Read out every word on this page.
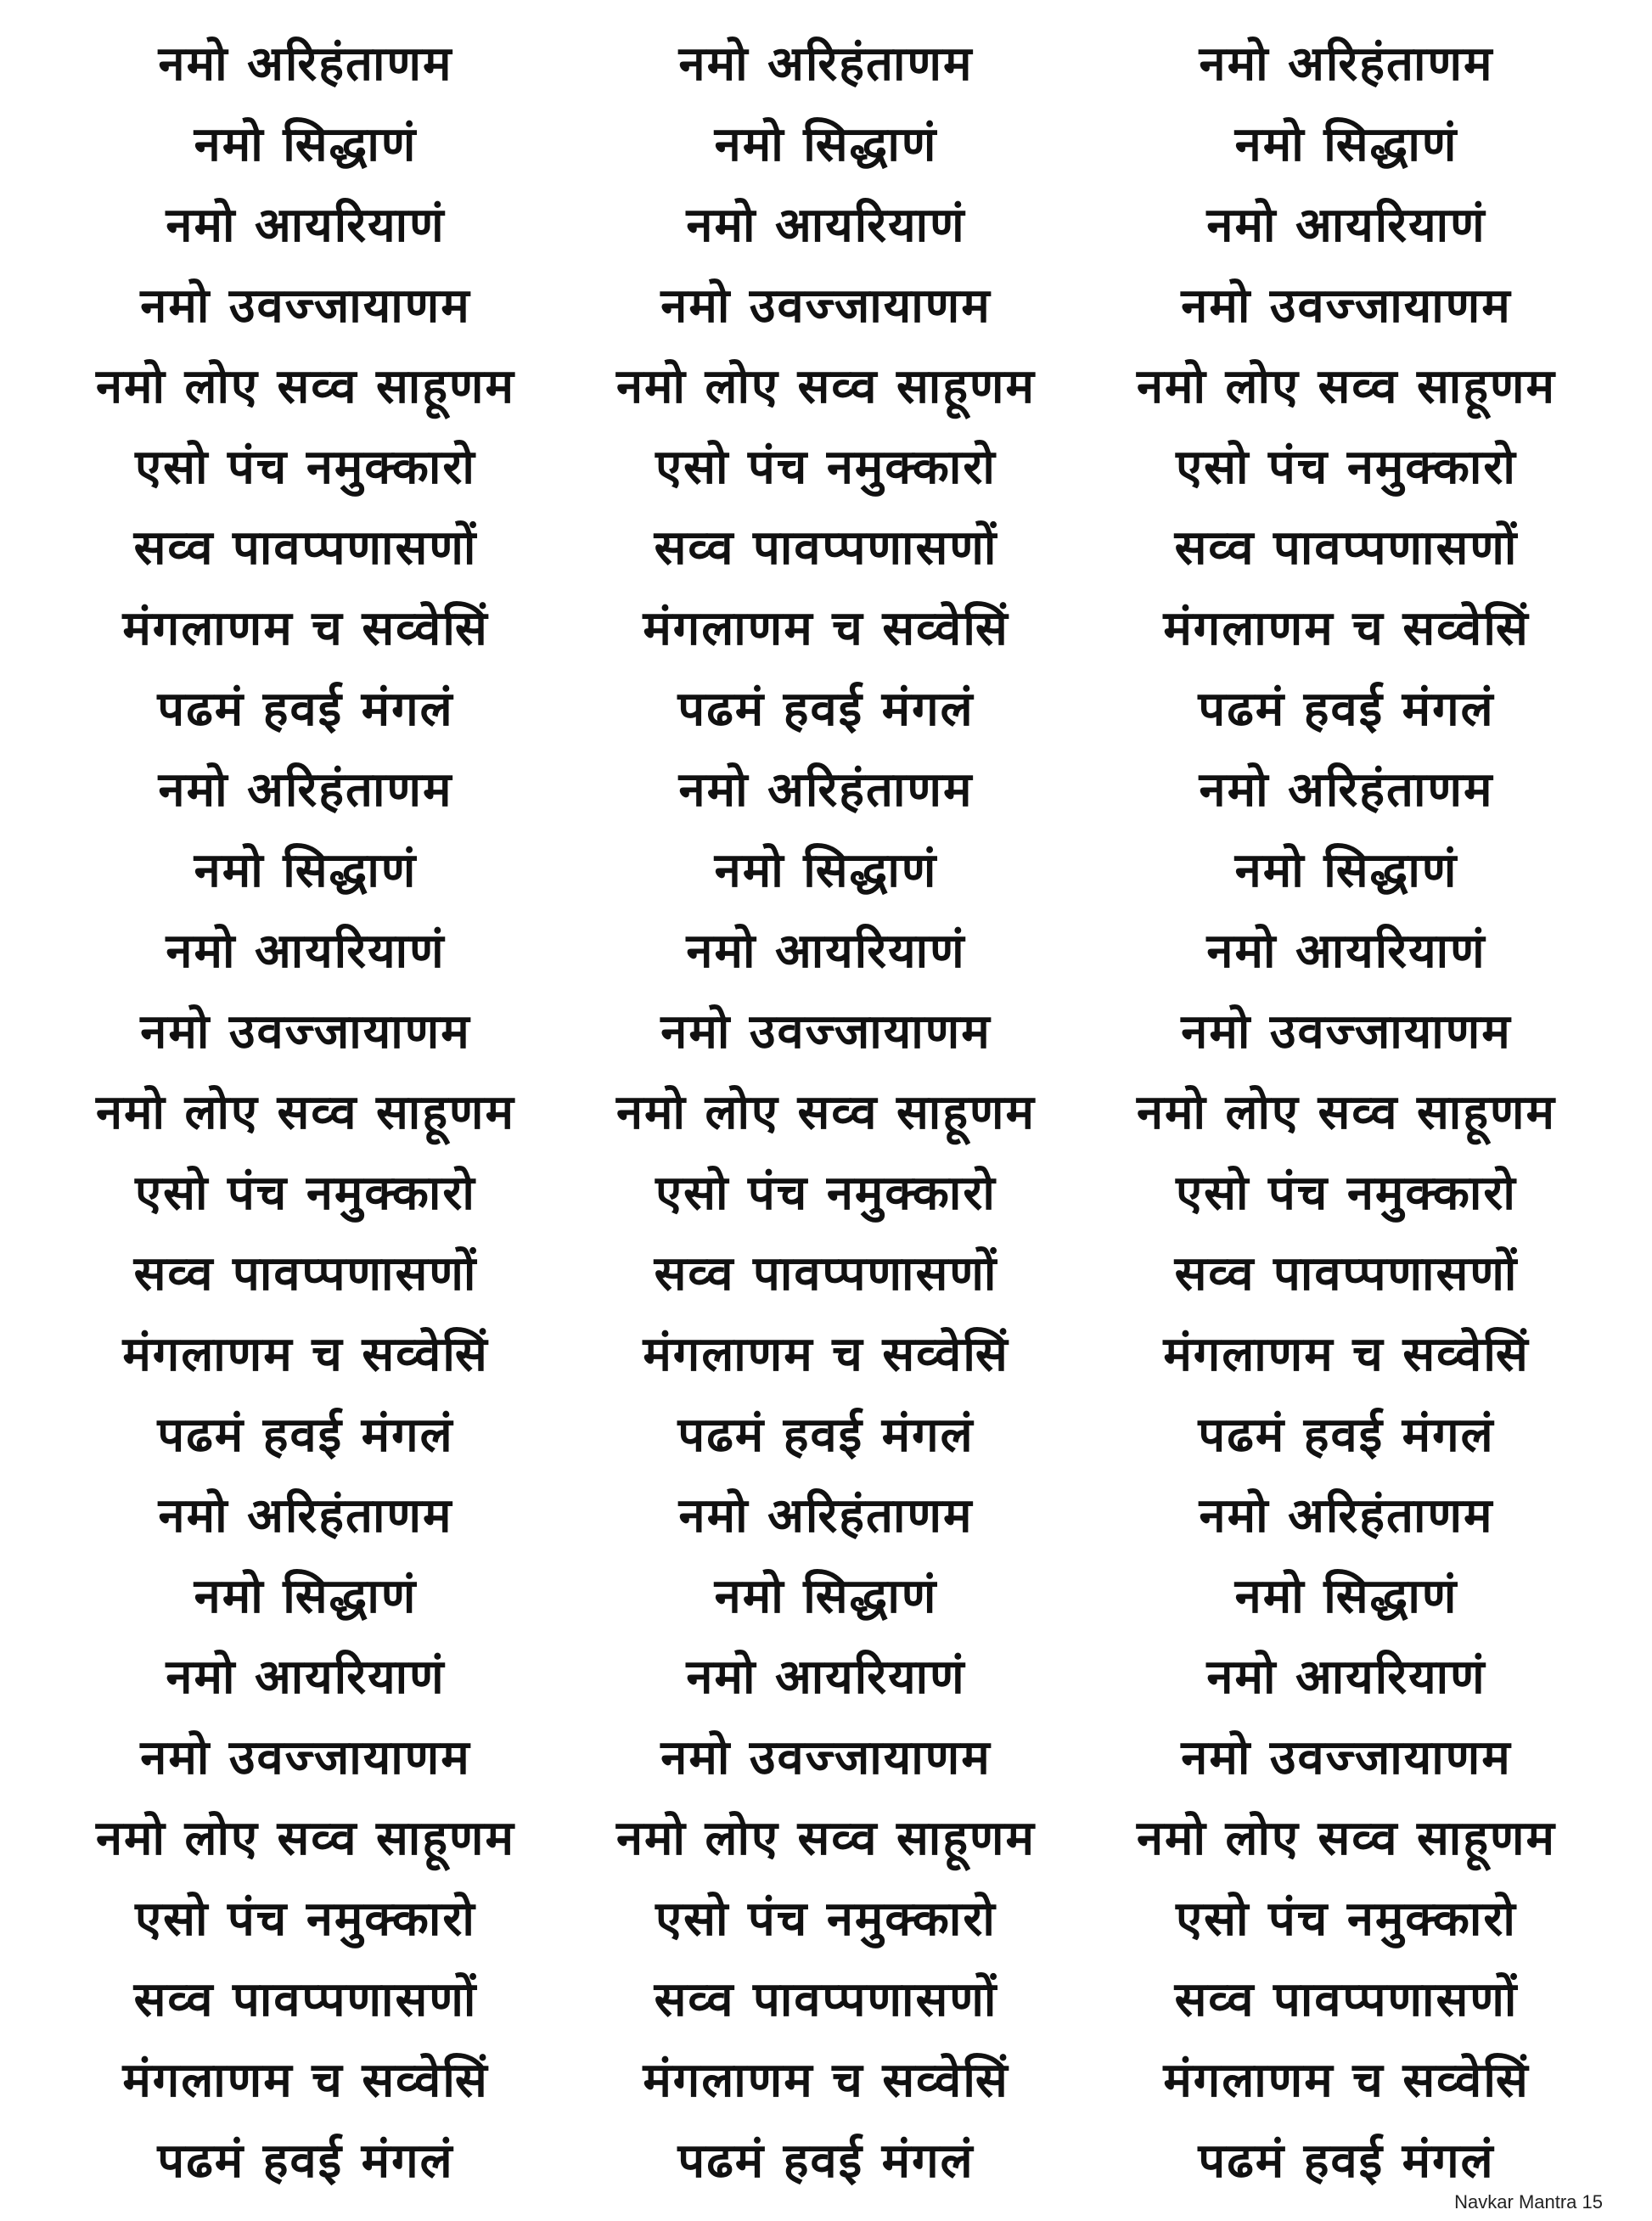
नमो अरिहंताणम
नमो सिद्धाणं
नमो आयरियाणं
नमो उवज्जायाणम
नमो लोए सव्व साहूणम
एसो पंच नमुक्कारो
सव्व पावप्पणासणों
मंगलाणम च सव्वेसिं
पढमं हवई मंगलं
नमो अरिहंताणम
नमो सिद्धाणं
नमो आयरियाणं
नमो उवज्जायाणम
नमो लोए सव्व साहूणम
एसो पंच नमुक्कारो
सव्व पावप्पणासणों
मंगलाणम च सव्वेसिं
पढमं हवई मंगलं
नमो अरिहंताणम
नमो सिद्धाणं
नमो आयरियाणं
नमो उवज्जायाणम
नमो लोए सव्व साहूणम
एसो पंच नमुक्कारो
सव्व पावप्पणासणों
मंगलाणम च सव्वेसिं
पढमं हवई मंगलं
नमो अरिहंताणम
नमो सिद्धाणं
नमो आयरियाणं
नमो उवज्जायाणम
नमो लोए सव्व साहूणम
एसो पंच नमुक्कारो
सव्व पावप्पणासणों
मंगलाणम च सव्वेसिं
पढमं हवई मंगलं
नमो अरिहंताणम
नमो सिद्धाणं
नमो आयरियाणं
नमो उवज्जायाणम
नमो लोए सव्व साहूणम
एसो पंच नमुक्कारो
सव्व पावप्पणासणों
मंगलाणम च सव्वेसिं
पढमं हवई मंगलं
नमो अरिहंताणम
नमो सिद्धाणं
नमो आयरियाणं
नमो उवज्जायाणम
नमो लोए सव्व साहूणम
एसो पंच नमुक्कारो
सव्व पावप्पणासणों
मंगलाणम च सव्वेसिं
पढमं हवई मंगलं
नमो अरिहंताणम
नमो सिद्धाणं
नमो आयरियाणं
नमो उवज्जायाणम
नमो लोए सव्व साहूणम
एसो पंच नमुक्कारो
सव्व पावप्पणासणों
मंगलाणम च सव्वेसिं
पढमं हवई मंगलं
नमो अरिहंताणम
नमो सिद्धाणं
नमो आयरियाणं
नमो उवज्जायाणम
नमो लोए सव्व साहूणम
एसो पंच नमुक्कारो
सव्व पावप्पणासणों
मंगलाणम च सव्वेसिं
पढमं हवई मंगलं
नमो अरिहंताणम
नमो सिद्धाणं
नमो आयरियाणं
नमो उवज्जायाणम
नमो लोए सव्व साहूणम
एसो पंच नमुक्कारो
सव्व पावप्पणासणों
मंगलाणम च सव्वेसिं
पढमं हवई मंगलं
Navkar Mantra 15
